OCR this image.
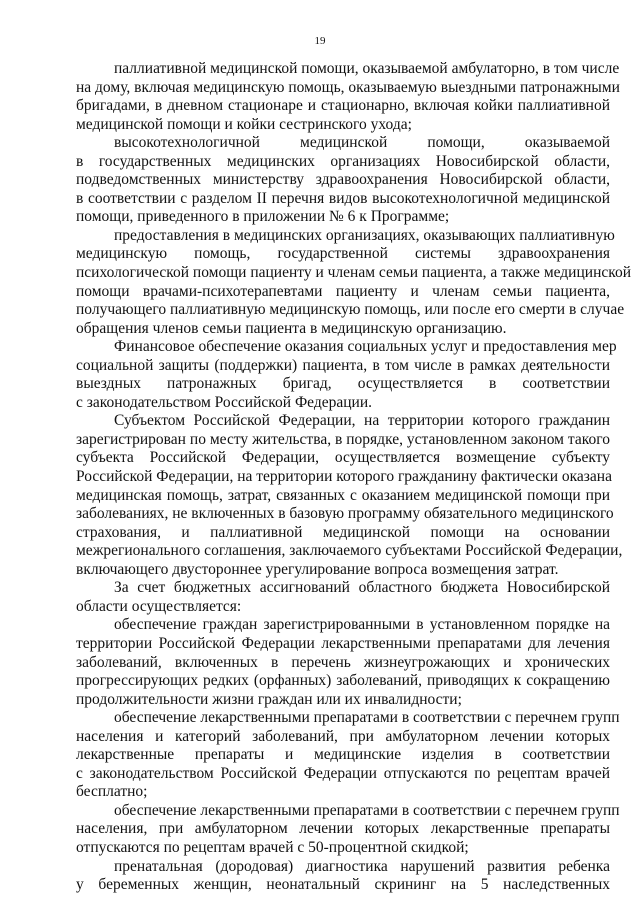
19
паллиативной медицинской помощи, оказываемой амбулаторно, в том числе
на дому, включая медицинскую помощь, оказываемую выездными патронажными
бригадами, в дневном стационаре и стационарно, включая койки паллиативной
медицинской помощи и койки сестринского ухода;
высокотехнологичной медицинской помощи, оказываемой
в государственных медицинских организациях Новосибирской области,
подведомственных министерству здравоохранения Новосибирской области,
в соответствии с разделом II перечня видов высокотехнологичной медицинской
помощи, приведенного в приложении № 6 к Программе;
предоставления в медицинских организациях, оказывающих паллиативную
медицинскую помощь, государственной системы здравоохранения
психологической помощи пациенту и членам семьи пациента, а также медицинской
помощи врачами-психотерапевтами пациенту и членам семьи пациента,
получающего паллиативную медицинскую помощь, или после его смерти в случае
обращения членов семьи пациента в медицинскую организацию.
Финансовое обеспечение оказания социальных услуг и предоставления мер
социальной защиты (поддержки) пациента, в том числе в рамках деятельности
выездных патронажных бригад, осуществляется в соответствии
с законодательством Российской Федерации.
Субъектом Российской Федерации, на территории которого гражданин
зарегистрирован по месту жительства, в порядке, установленном законом такого
субъекта Российской Федерации, осуществляется возмещение субъекту
Российской Федерации, на территории которого гражданину фактически оказана
медицинская помощь, затрат, связанных с оказанием медицинской помощи при
заболеваниях, не включенных в базовую программу обязательного медицинского
страхования, и паллиативной медицинской помощи на основании
межрегионального соглашения, заключаемого субъектами Российской Федерации,
включающего двустороннее урегулирование вопроса возмещения затрат.
За счет бюджетных ассигнований областного бюджета Новосибирской
области осуществляется:
обеспечение граждан зарегистрированными в установленном порядке на
территории Российской Федерации лекарственными препаратами для лечения
заболеваний, включенных в перечень жизнеугрожающих и хронических
прогрессирующих редких (орфанных) заболеваний, приводящих к сокращению
продолжительности жизни граждан или их инвалидности;
обеспечение лекарственными препаратами в соответствии с перечнем групп
населения и категорий заболеваний, при амбулаторном лечении которых
лекарственные препараты и медицинские изделия в соответствии
с законодательством Российской Федерации отпускаются по рецептам врачей
бесплатно;
обеспечение лекарственными препаратами в соответствии с перечнем групп
населения, при амбулаторном лечении которых лекарственные препараты
отпускаются по рецептам врачей с 50-процентной скидкой;
пренатальная (дородовая) диагностика нарушений развития ребенка
у беременных женщин, неонатальный скрининг на 5 наследственных
